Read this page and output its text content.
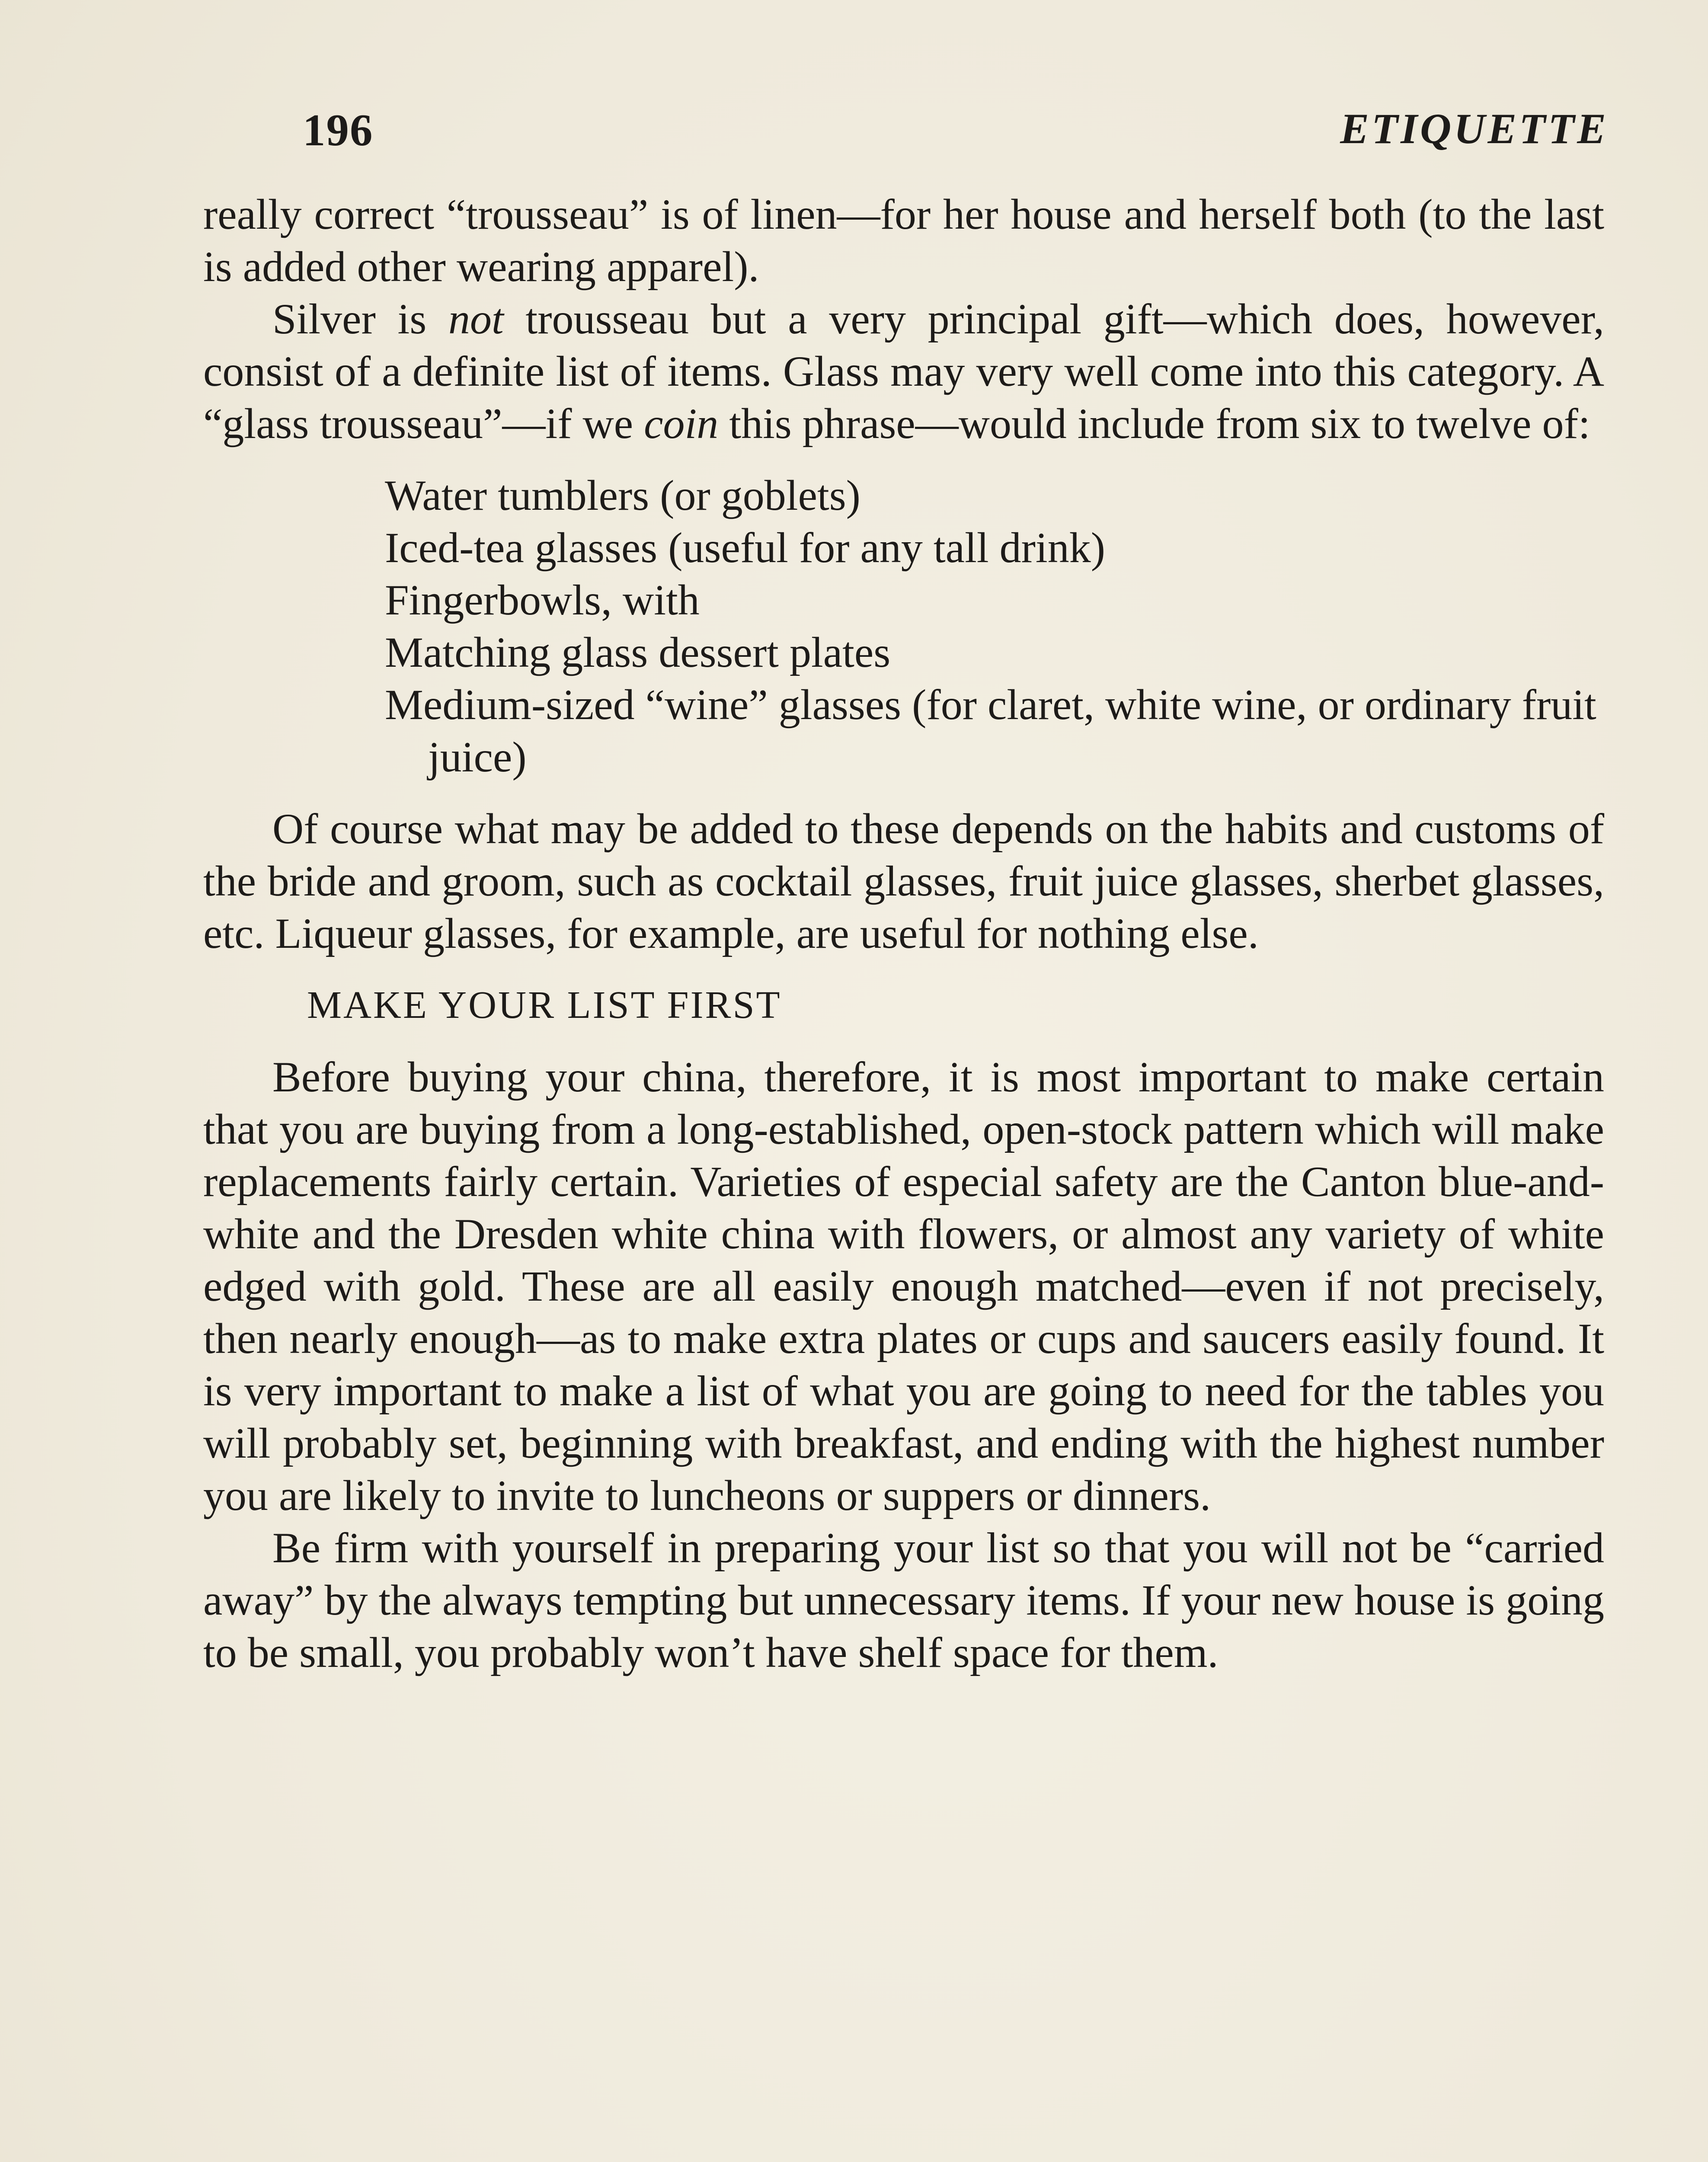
196	ETIQUETTE

really correct “trousseau” is of linen—for her house and herself both (to the last is added other wearing apparel).

Silver is not trousseau but a very principal gift—which does, however, consist of a definite list of items. Glass may very well come into this category. A “glass trousseau”—if we coin this phrase—would include from six to twelve of:

Water tumblers (or goblets)
Iced-tea glasses (useful for any tall drink)
Fingerbowls, with
Matching glass dessert plates
Medium-sized “wine” glasses (for claret, white wine, or ordinary fruit juice)

Of course what may be added to these depends on the habits and customs of the bride and groom, such as cocktail glasses, fruit juice glasses, sherbet glasses, etc. Liqueur glasses, for example, are useful for nothing else.

MAKE YOUR LIST FIRST

Before buying your china, therefore, it is most important to make certain that you are buying from a long-established, open-stock pattern which will make replacements fairly certain. Varieties of especial safety are the Canton blue-and-white and the Dresden white china with flowers, or almost any variety of white edged with gold. These are all easily enough matched—even if not precisely, then nearly enough—as to make extra plates or cups and saucers easily found. It is very important to make a list of what you are going to need for the tables you will probably set, beginning with breakfast, and ending with the highest number you are likely to invite to luncheons or suppers or dinners.

Be firm with yourself in preparing your list so that you will not be “carried away” by the always tempting but unnecessary items. If your new house is going to be small, you probably won’t have shelf space for them.
